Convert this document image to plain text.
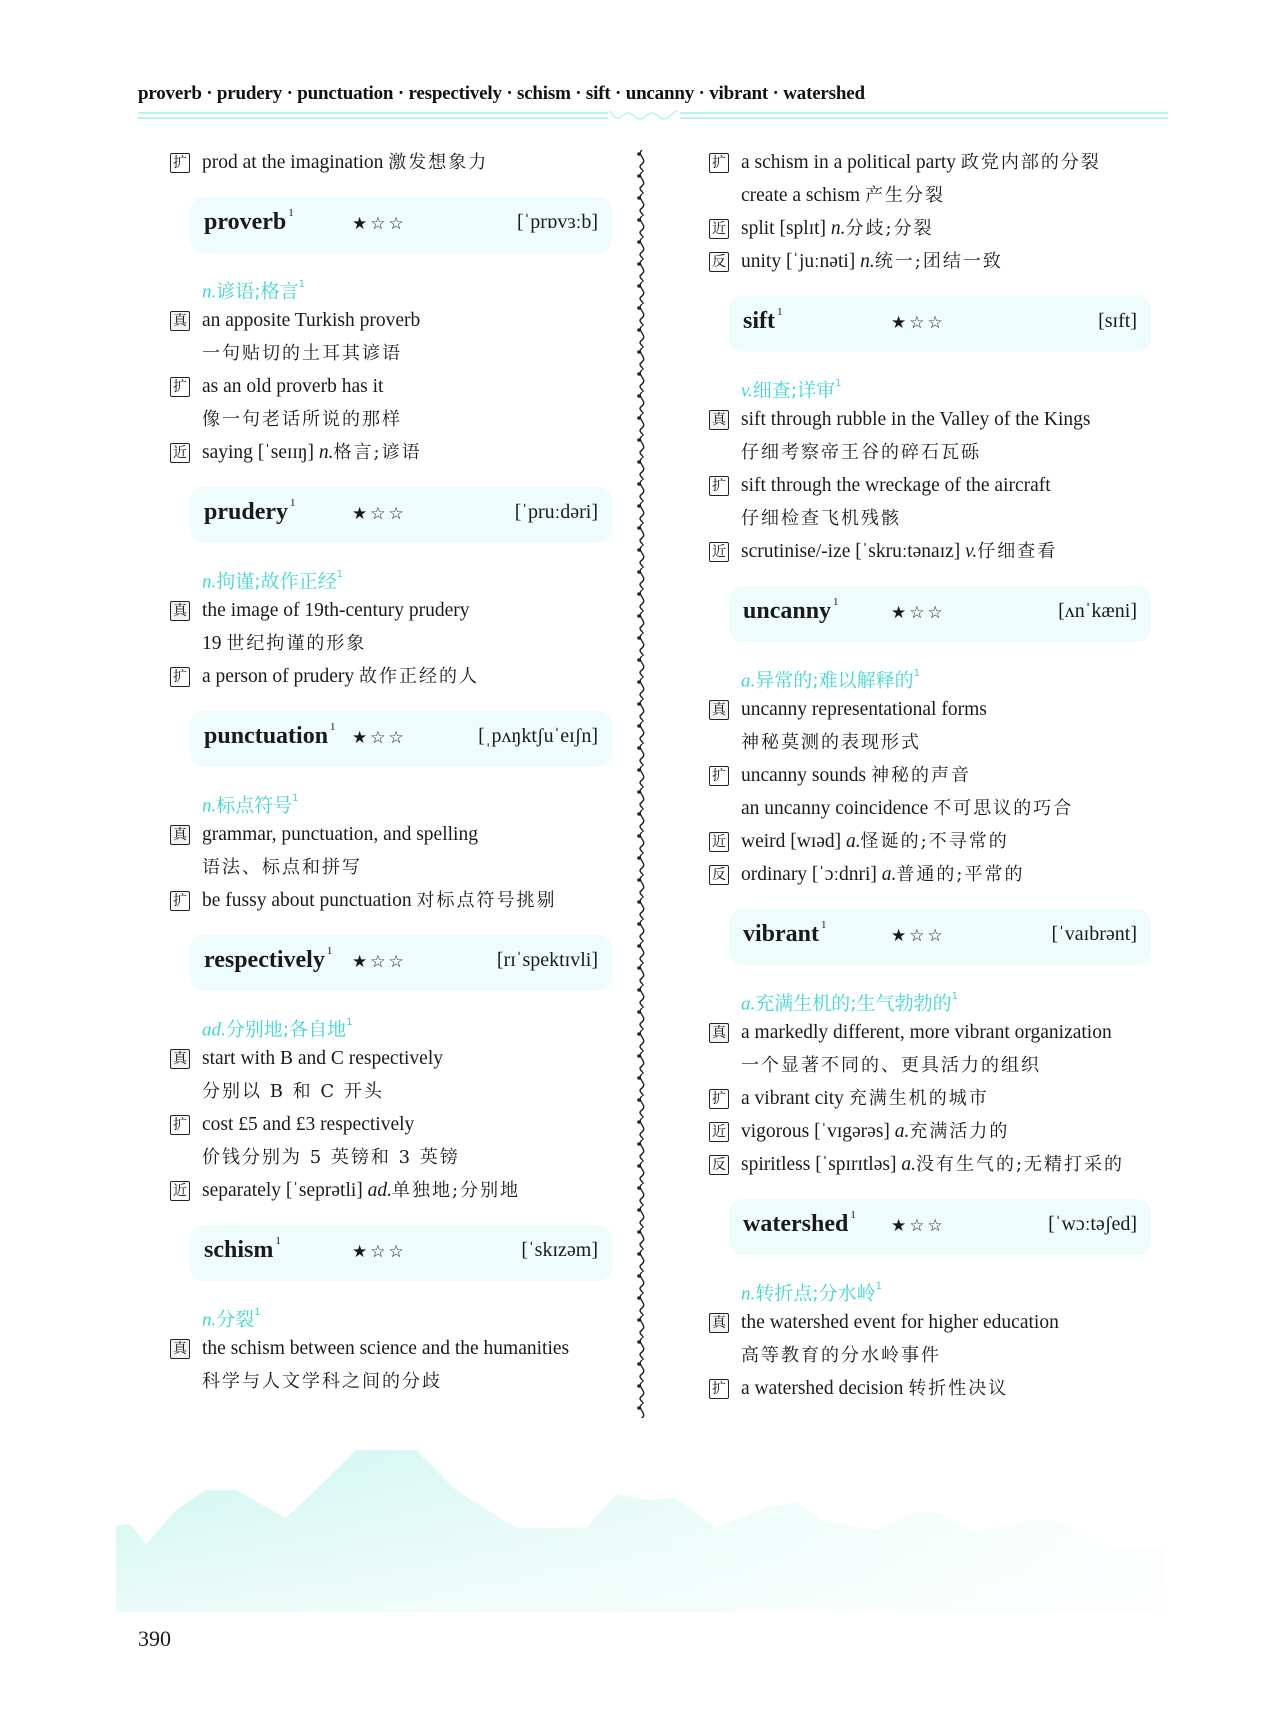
proverb · prudery · punctuation · respectively · schism · sift · uncanny · vibrant · watershed
扩 prod at the imagination 激发想象力
proverb $^1$
★☆☆	[ˈprɒvɜːb]
n.谚语;格言$^1$
真 an apposite Turkish proverb
一句贴切的土耳其谚语
扩 as an old proverb has it
像一句老话所说的那样
近 saying [ˈseɪɪŋ] n.格言;谚语
prudery $^1$
★☆☆	[ˈpruːdəri]
n.拘谨;故作正经$^1$
真 the image of 19th-century prudery
19 世纪拘谨的形象
扩 a person of prudery 故作正经的人
punctuation $^1$
★☆☆	[ˌpʌŋktʃuˈeɪʃn]
n.标点符号$^1$
真 grammar, punctuation, and spelling
语法、标点和拼写
扩 be fussy about punctuation 对标点符号挑剔
respectively $^1$
★☆☆	[rɪˈspektɪvli]
ad.分别地;各自地$^1$
真 start with B and C respectively
分别以 B 和 C 开头
扩 cost £5 and £3 respectively
价钱分别为 5 英镑和 3 英镑
近 separately [ˈseprətli] ad.单独地;分别地
schism $^1$
★☆☆	[ˈskɪzəm]
n.分裂$^1$
真 the schism between science and the humanities
科学与人文学科之间的分歧
扩 a schism in a political party 政党内部的分裂
create a schism 产生分裂
近 split [splɪt] n.分歧;分裂
反 unity [ˈjuːnəti] n.统一;团结一致
sift $^1$
★☆☆	[sɪft]
v.细查;详审$^1$
真 sift through rubble in the Valley of the Kings
仔细考察帝王谷的碎石瓦砾
扩 sift through the wreckage of the aircraft
仔细检查飞机残骸
近 scrutinise/-ize [ˈskruːtənaɪz] v.仔细查看
uncanny $^1$
★☆☆	[ʌnˈkæni]
a.异常的;难以解释的$^1$
真 uncanny representational forms
神秘莫测的表现形式
扩 uncanny sounds 神秘的声音
an uncanny coincidence 不可思议的巧合
近 weird [wɪəd] a.怪诞的;不寻常的
反 ordinary [ˈɔːdnri] a.普通的;平常的
vibrant $^1$
★☆☆	[ˈvaɪbrənt]
a.充满生机的;生气勃勃的$^1$
真 a markedly different, more vibrant organization
一个显著不同的、更具活力的组织
扩 a vibrant city 充满生机的城市
近 vigorous [ˈvɪgərəs] a.充满活力的
反 spiritless [ˈspɪrɪtləs] a.没有生气的;无精打采的
watershed $^1$
★☆☆	[ˈwɔːtəʃed]
n.转折点;分水岭$^1$
真 the watershed event for higher education
高等教育的分水岭事件
扩 a watershed decision 转折性决议
390
